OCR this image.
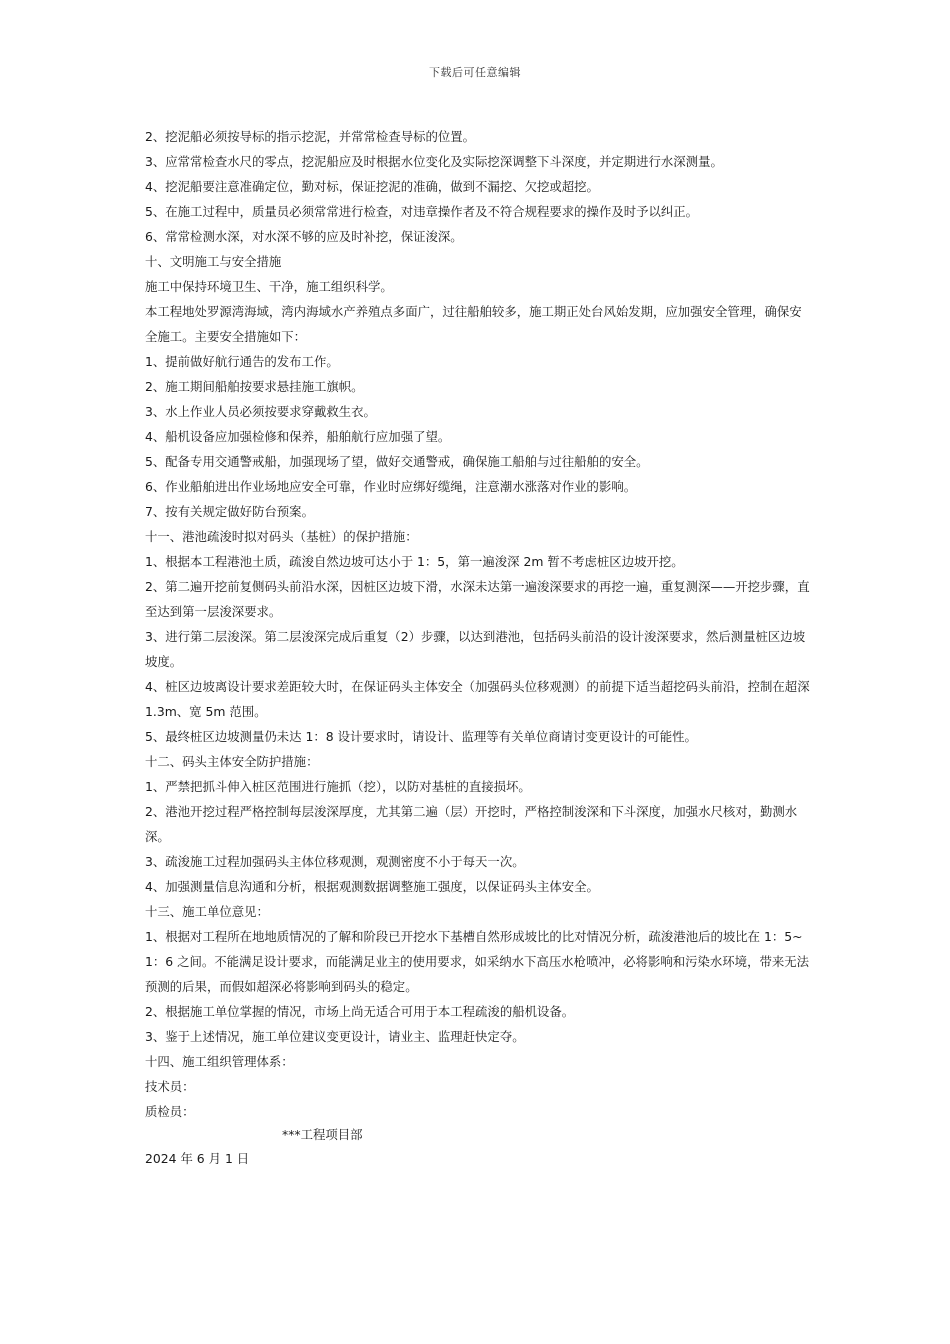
下载后可任意编辑

2、挖泥船必须按导标的指示挖泥，并常常检查导标的位置。

3、应常常检查水尺的零点，挖泥船应及时根据水位变化及实际挖深调整下斗深度，并定期进行水深测量。

4、挖泥船要注意准确定位，勤对标，保证挖泥的准确，做到不漏挖、欠挖或超挖。

5、在施工过程中，质量员必须常常进行检查，对违章操作者及不符合规程要求的操作及时予以纠正。

6、常常检测水深，对水深不够的应及时补挖，保证浚深。

十、文明施工与安全措施

施工中保持环境卫生、干净，施工组织科学。

本工程地处罗源湾海域，湾内海域水产养殖点多面广，过往船舶较多，施工期正处台风始发期，应加强安全管理，确保安全施工。主要安全措施如下：

1、提前做好航行通告的发布工作。

2、施工期间船舶按要求悬挂施工旗帜。

3、水上作业人员必须按要求穿戴救生衣。

4、船机设备应加强检修和保养，船舶航行应加强了望。

5、配备专用交通警戒船，加强现场了望，做好交通警戒，确保施工船舶与过往船舶的安全。

6、作业船舶进出作业场地应安全可靠，作业时应绑好缆绳，注意潮水涨落对作业的影响。

7、按有关规定做好防台预案。

十一、港池疏浚时拟对码头（基桩）的保护措施：

1、根据本工程港池土质，疏浚自然边坡可达小于 1：5，第一遍浚深 2m 暂不考虑桩区边坡开挖。

2、第二遍开挖前复侧码头前沿水深，因桩区边坡下滑，水深未达第一遍浚深要求的再挖一遍，重复测深——开挖步骤，直至达到第一层浚深要求。

3、进行第二层浚深。第二层浚深完成后重复（2）步骤，以达到港池，包括码头前沿的设计浚深要求，然后测量桩区边坡坡度。

4、桩区边坡离设计要求差距较大时，在保证码头主体安全（加强码头位移观测）的前提下适当超挖码头前沿，控制在超深 1.3m、宽 5m 范围。

5、最终桩区边坡测量仍未达 1：8 设计要求时，请设计、监理等有关单位商请讨变更设计的可能性。

十二、码头主体安全防护措施：

1、严禁把抓斗伸入桩区范围进行施抓（挖），以防对基桩的直接损坏。

2、港池开挖过程严格控制每层浚深厚度，尤其第二遍（层）开挖时，严格控制浚深和下斗深度，加强水尺核对，勤测水深。

3、疏浚施工过程加强码头主体位移观测，观测密度不小于每天一次。

4、加强测量信息沟通和分析，根据观测数据调整施工强度，以保证码头主体安全。

十三、施工单位意见：

1、根据对工程所在地地质情况的了解和阶段已开挖水下基槽自然形成坡比的比对情况分析，疏浚港池后的坡比在 1：5~1：6 之间。不能满足设计要求，而能满足业主的使用要求，如采纳水下高压水枪喷冲，必将影响和污染水环境，带来无法预测的后果，而假如超深必将影响到码头的稳定。

2、根据施工单位掌握的情况，市场上尚无适合可用于本工程疏浚的船机设备。

3、鉴于上述情况，施工单位建议变更设计，请业主、监理赶快定夺。

十四、施工组织管理体系：

技术员：

质检员：

***工程项目部
2024 年 6 月 1 日
